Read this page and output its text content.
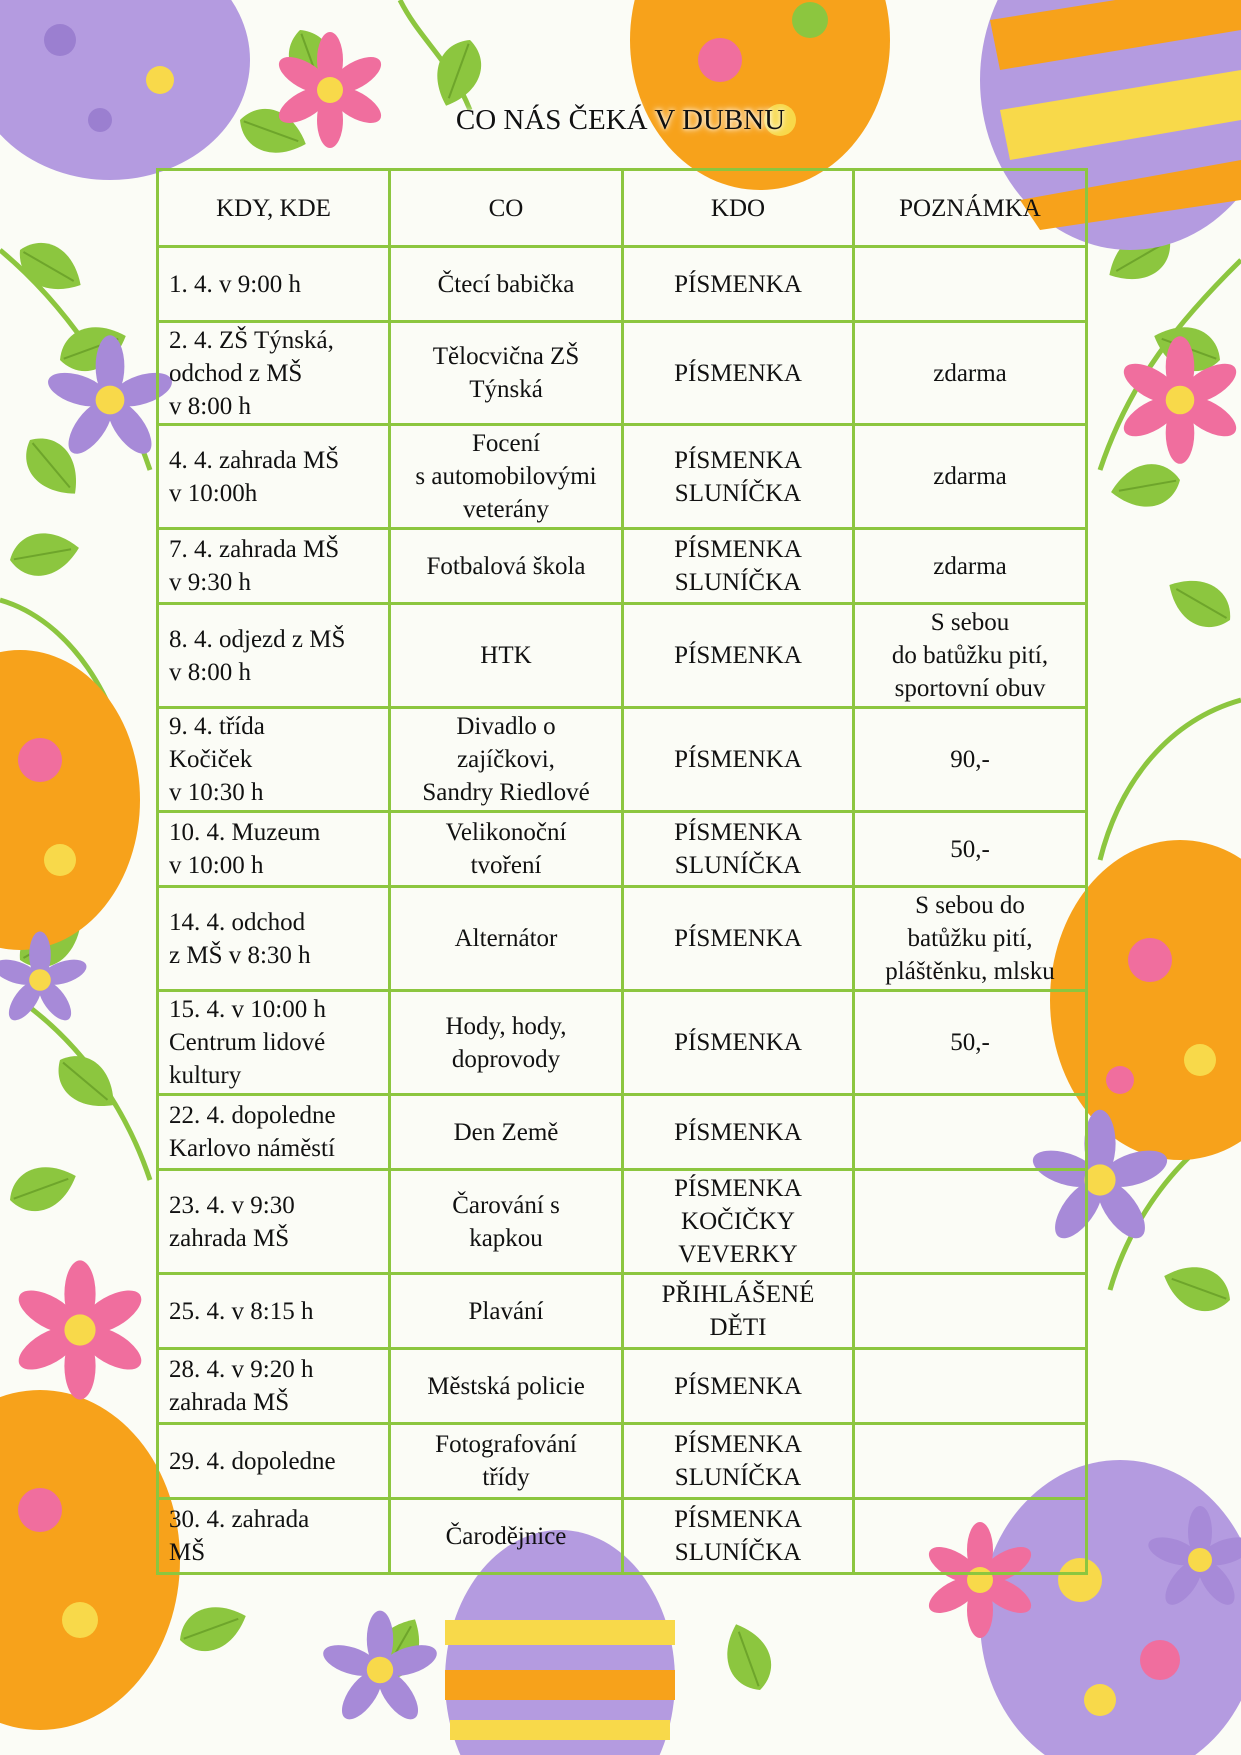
CO NÁS ČEKÁ V DUBNU
KDY, KDE	CO	KDO	POZNÁMKA
1. 4. v 9:00 h	Čtecí babička	PÍSMENKA	
2. 4. ZŠ Týnská,
odchod z MŠ
v 8:00 h	Tělocvična ZŠ
Týnská	PÍSMENKA	zdarma
4. 4. zahrada MŠ
v 10:00h	Focení
s automobilovými
veterány	PÍSMENKA
SLUNÍČKA	zdarma
7. 4. zahrada MŠ
v 9:30 h	Fotbalová škola	PÍSMENKA
SLUNÍČKA	zdarma
8. 4. odjezd z MŠ
v 8:00 h	HTK	PÍSMENKA	S sebou
do batůžku pití,
sportovní obuv
9. 4. třída
Kočiček
v 10:30 h	Divadlo o
zajíčkovi,
Sandry Riedlové	PÍSMENKA	90,-
10. 4. Muzeum
v 10:00 h	Velikonoční
tvoření	PÍSMENKA
SLUNÍČKA	50,-
14. 4. odchod
z MŠ v 8:30 h	Alternátor	PÍSMENKA	S sebou do
batůžku pití,
pláštěnku, mlsku
15. 4. v 10:00 h
Centrum lidové
kultury	Hody, hody,
doprovody	PÍSMENKA	50,-
22. 4. dopoledne
Karlovo náměstí	Den Země	PÍSMENKA	
23. 4. v 9:30
zahrada MŠ	Čarování s
kapkou	PÍSMENKA
KOČIČKY
VEVERKY	
25. 4. v 8:15 h	Plavání	PŘIHLÁŠENÉ
DĚTI	
28. 4. v 9:20 h
zahrada MŠ	Městská policie	PÍSMENKA	
29. 4. dopoledne	Fotografování
třídy	PÍSMENKA
SLUNÍČKA	
30. 4. zahrada
MŠ	Čarodějnice	PÍSMENKA
SLUNÍČKA	
